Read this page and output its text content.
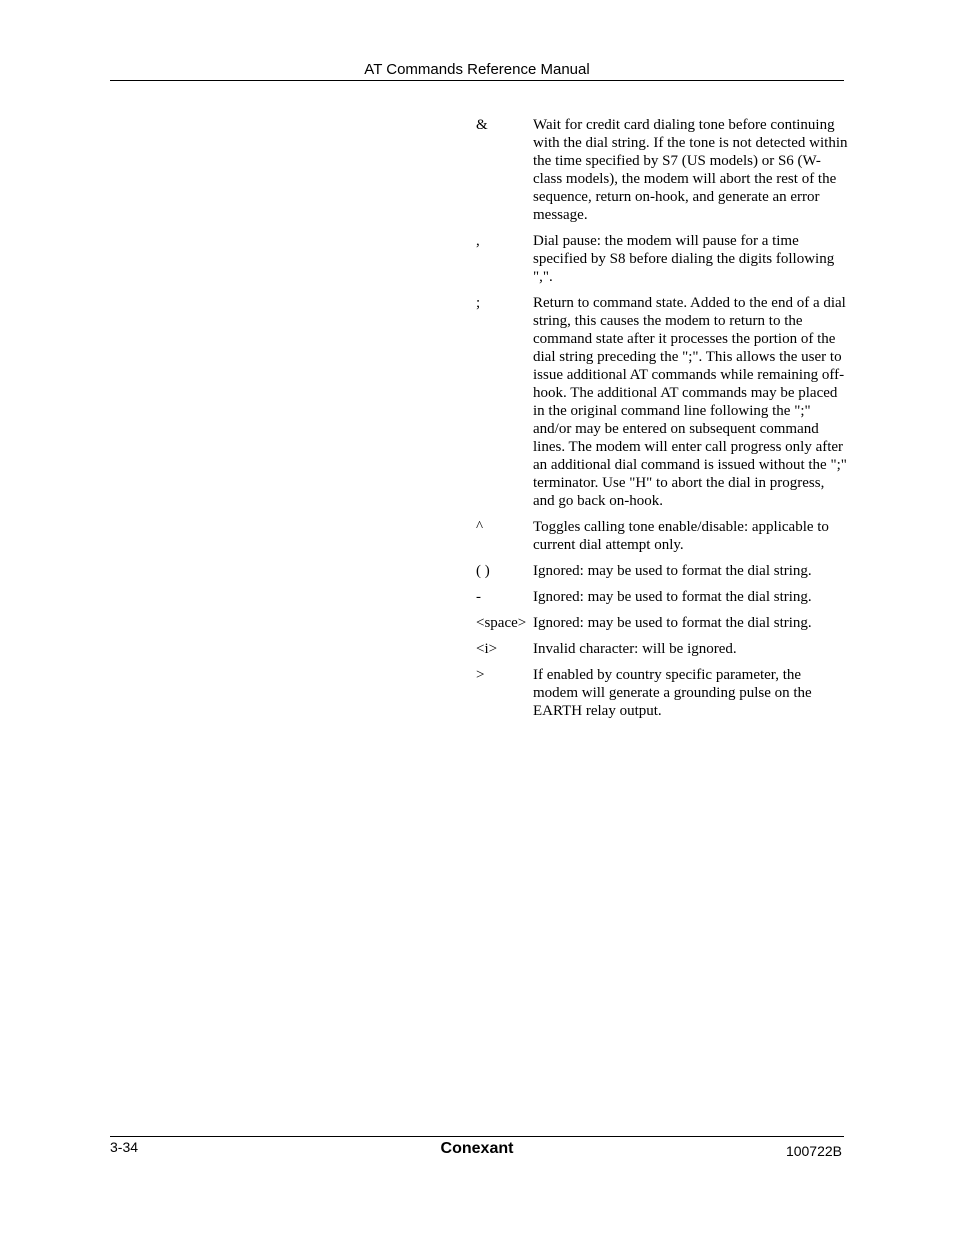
AT Commands Reference Manual
&	Wait for credit card dialing tone before continuing with the dial string. If the tone is not detected within the time specified by S7 (US models) or S6 (W-class models), the modem will abort the rest of the sequence, return on-hook, and generate an error message.
,	Dial pause: the modem will pause for a time specified by S8 before dialing the digits following ",".
;	Return to command state. Added to the end of a dial string, this causes the modem to return to the command state after it processes the portion of the dial string preceding the ";". This allows the user to issue additional AT commands while remaining off-hook. The additional AT commands may be placed in the original command line following the ";" and/or may be entered on subsequent command lines. The modem will enter call progress only after an additional dial command is issued without the ";" terminator. Use "H" to abort the dial in progress, and go back on-hook.
^	Toggles calling tone enable/disable: applicable to current dial attempt only.
( )	Ignored: may be used to format the dial string.
-	Ignored: may be used to format the dial string.
<space> Ignored: may be used to format the dial string.
<i>	Invalid character: will be ignored.
>	If enabled by country specific parameter, the modem will generate a grounding pulse on the EARTH relay output.
3-34	Conexant	100722B
